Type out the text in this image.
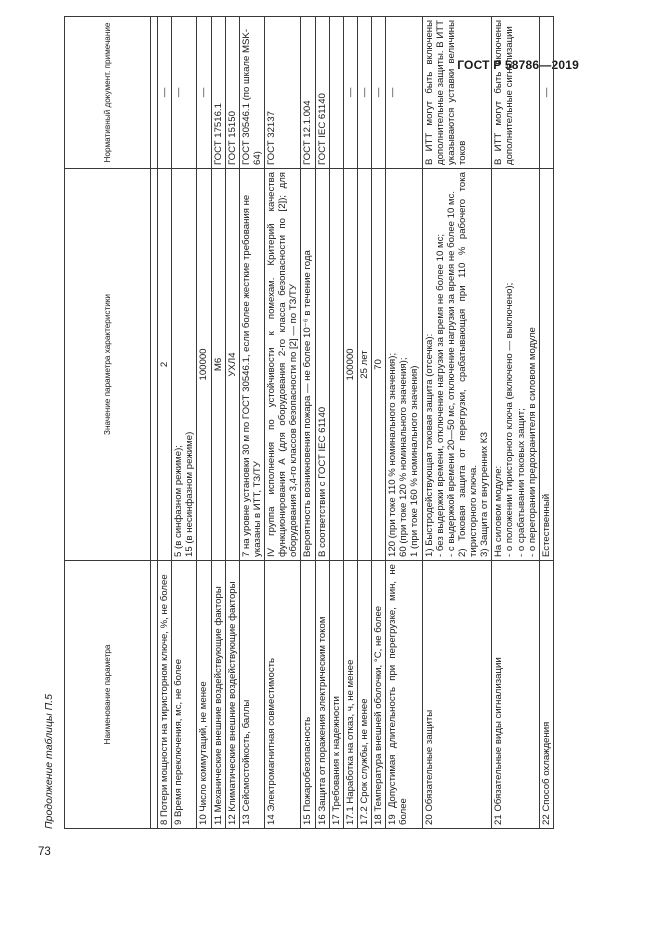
ГОСТ Р 58786—2019
Продолжение таблицы П.5	Наименование параметра	Значение параметра характеристики	Нормативный документ. примечание

8 Потери мощности на тиристорном ключе, %, не более	2	—
9 Время переключения, мс, не более	5 (в синфазном режиме); 15 (в несинфазном режиме)	—
10 Число коммутаций, не менее	100000	—
11 Механические внешние воздействующие факторы	М6	ГОСТ 17516.1
12 Климатические внешние воздействующие факторы	УХЛ4	ГОСТ 15150
13 Сейсмостойкость, баллы	7 на уровне установки 30 м по ГОСТ 30546.1, если более жесткие требования не указаны в ИТТ, ТЗ/ТУ	ГОСТ 30546.1 (по шкале MSK-64)
14 Электромагнитная совместимость	IV группа исполнения по устойчивости к помехам. Критерий качества функционирования А (для оборудования 2-го класса безопасности по [2]); для оборудования 3,4-го классов безопасности по [2] — по ТЗ/ТУ	ГОСТ 32137
15 Пожаробезопасность	Вероятность возникновения пожара — не более 10⁻⁶ в течение года	ГОСТ 12.1.004
16 Защита от поражения электрическим током	В соответствии с ГОСТ IEC 61140	ГОСТ IEC 61140
17 Требования к надежности		
17.1 Наработка на отказ, ч, не менее	100000	—
17.2 Срок службы, не менее	25 лет	—
18 Температура внешней оболочки, °С, не более	70	—
19 Допустимая длительность при перегрузке, мин, не более	120 (при токе 110 % номинального значения); 60 (при токе 120 % номинального значения); 1 (при токе 160 % номинального значения)	—
20 Обязательные защиты	1) Быстродействующая токовая защита (отсечка): - без выдержки времени, отключение нагрузки за время не более 10 мс; - с выдержкой времени 20—50 мс, отключение нагрузки за время не более 10 мс. 2) Токовая защита от перегрузки, срабатывающая при 110 % рабочего тока тиристорного ключа. 3) Защита от внутренних КЗ	В ИТТ могут быть включены дополнительные защиты. В ИТТ указываются уставки величины токов
21 Обязательные виды сигнализации	На силовом модуле: - о положении тиристорного ключа (включено — выключено); - о срабатывании токовых защит; - о перегорании предохранителя в силовом модуле	В ИТТ могут быть включены дополнительные сигнализации
22 Способ охлаждения	Естественный	—
73
